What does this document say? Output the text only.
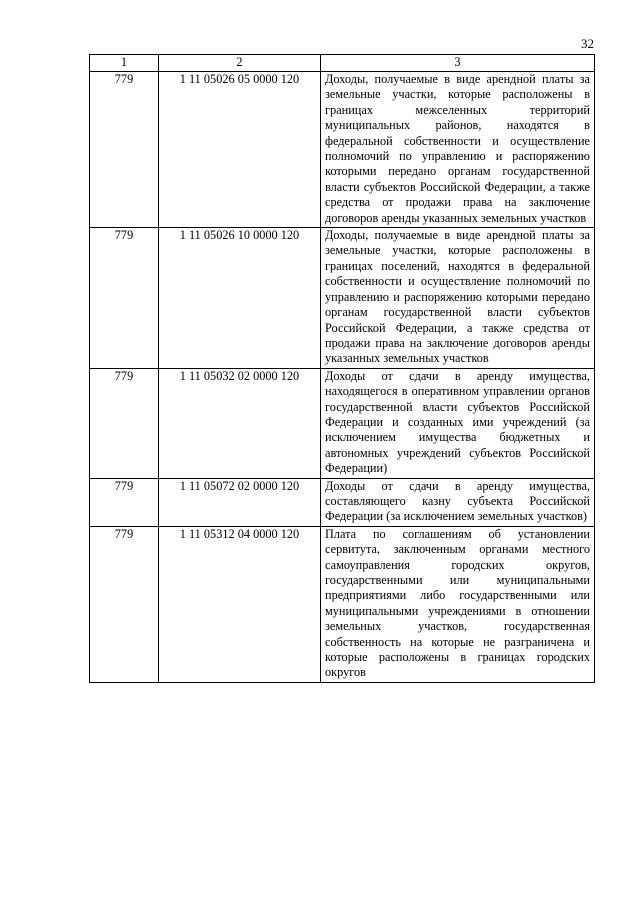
32
1	2	3
779	1 11 05026 05 0000 120	Доходы, получаемые в виде арендной платы за земельные участки, которые расположены в границах межселенных территорий муниципальных районов, находятся в федеральной собственности и осуществление полномочий по управлению и распоряжению которыми передано органам государственной власти субъектов Российской Федерации, а также средства от продажи права на заключение договоров аренды указанных земельных участков
779	1 11 05026 10 0000 120	Доходы, получаемые в виде арендной платы за земельные участки, которые расположены в границах поселений, находятся в федеральной собственности и осуществление полномочий по управлению и распоряжению которыми передано органам государственной власти субъектов Российской Федерации, а также средства от продажи права на заключение договоров аренды указанных земельных участков
779	1 11 05032 02 0000 120	Доходы от сдачи в аренду имущества, находящегося в оперативном управлении органов государственной власти субъектов Российской Федерации и созданных ими учреждений (за исключением имущества бюджетных и автономных учреждений субъектов Российской Федерации)
779	1 11 05072 02 0000 120	Доходы от сдачи в аренду имущества, составляющего казну субъекта Российской Федерации (за исключением земельных участков)
779	1 11 05312 04 0000 120	Плата по соглашениям об установлении сервитута, заключенным органами местного самоуправления городских округов, государственными или муниципальными предприятиями либо государственными или муниципальными учреждениями в отношении земельных участков, государственная собственность на которые не разграничена и которые расположены в границах городских округов
